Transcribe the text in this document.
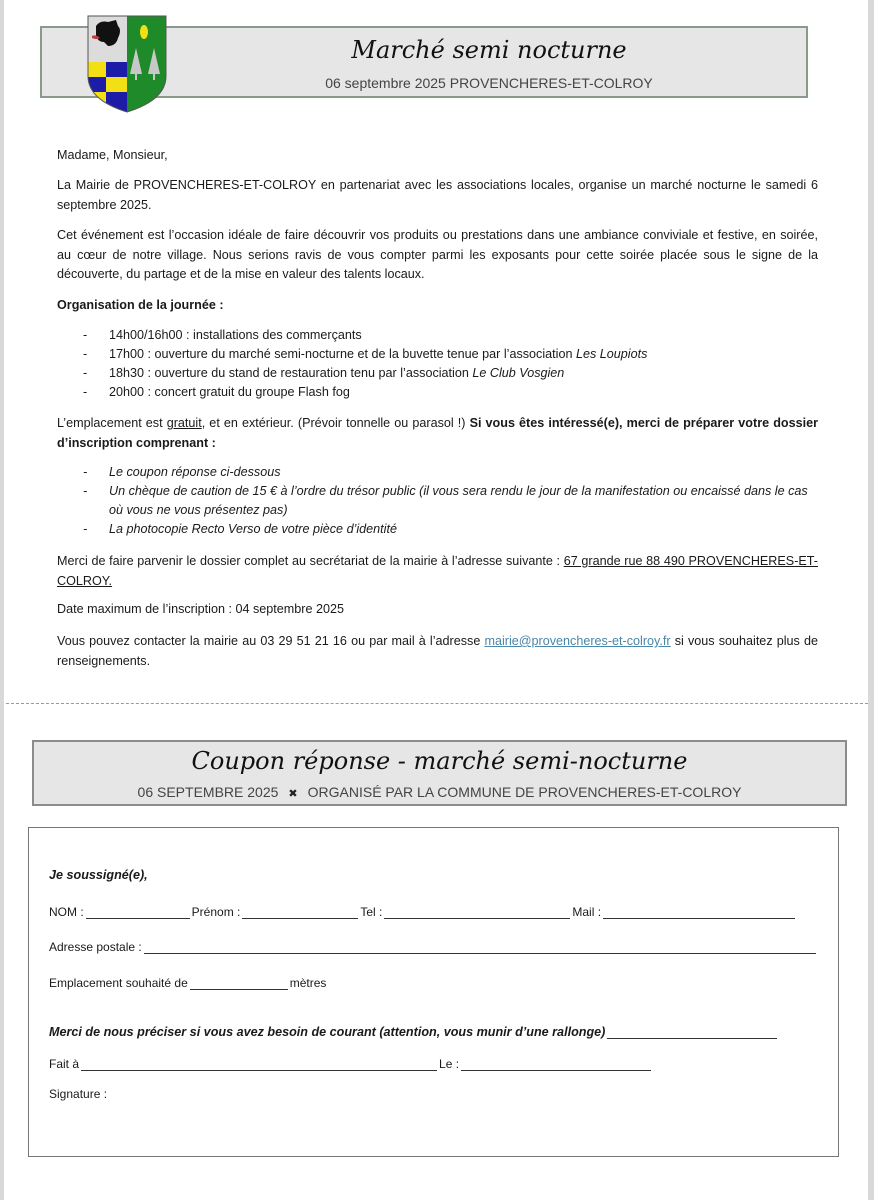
Marché semi nocturne
06 septembre 2025 PROVENCHERES-ET-COLROY
Madame, Monsieur,
La Mairie de PROVENCHERES-ET-COLROY en partenariat avec les associations locales, organise un marché nocturne le samedi 6 septembre 2025.
Cet événement est l’occasion idéale de faire découvrir vos produits ou prestations dans une ambiance conviviale et festive, en soirée, au cœur de notre village. Nous serions ravis de vous compter parmi les exposants pour cette soirée placée sous le signe de la découverte, du partage et de la mise en valeur des talents locaux.
Organisation de la journée :
- 14h00/16h00 : installations des commerçants
- 17h00 : ouverture du marché semi-nocturne et de la buvette tenue par l’association Les Loupiots
- 18h30 : ouverture du stand de restauration tenu par l’association Le Club Vosgien
- 20h00 : concert gratuit du groupe Flash fog
L’emplacement est gratuit, et en extérieur. (Prévoir tonnelle ou parasol !) Si vous êtes intéressé(e), merci de préparer votre dossier d’inscription comprenant :
- Le coupon réponse ci-dessous
- Un chèque de caution de 15 € à l’ordre du trésor public (il vous sera rendu le jour de la manifestation ou encaissé dans le cas où vous ne vous présentez pas)
- La photocopie Recto Verso de votre pièce d’identité
Merci de faire parvenir le dossier complet au secrétariat de la mairie à l’adresse suivante : 67 grande rue 88 490 PROVENCHERES-ET-COLROY.
Date maximum de l’inscription : 04 septembre 2025
Vous pouvez contacter la mairie au 03 29 51 21 16 ou par mail à l’adresse mairie@provencheres-et-colroy.fr si vous souhaitez plus de renseignements.
Coupon réponse - marché semi-nocturne
06 SEPTEMBRE 2025 ✖ ORGANISÉ PAR LA COMMUNE DE PROVENCHERES-ET-COLROY
Je soussigné(e),
NOM :	Prénom :	Tel :	Mail :
Adresse postale :
Emplacement souhaité de	mètres
Merci de nous préciser si vous avez besoin de courant (attention, vous munir d’une rallonge)
Fait à	Le :
Signature :
